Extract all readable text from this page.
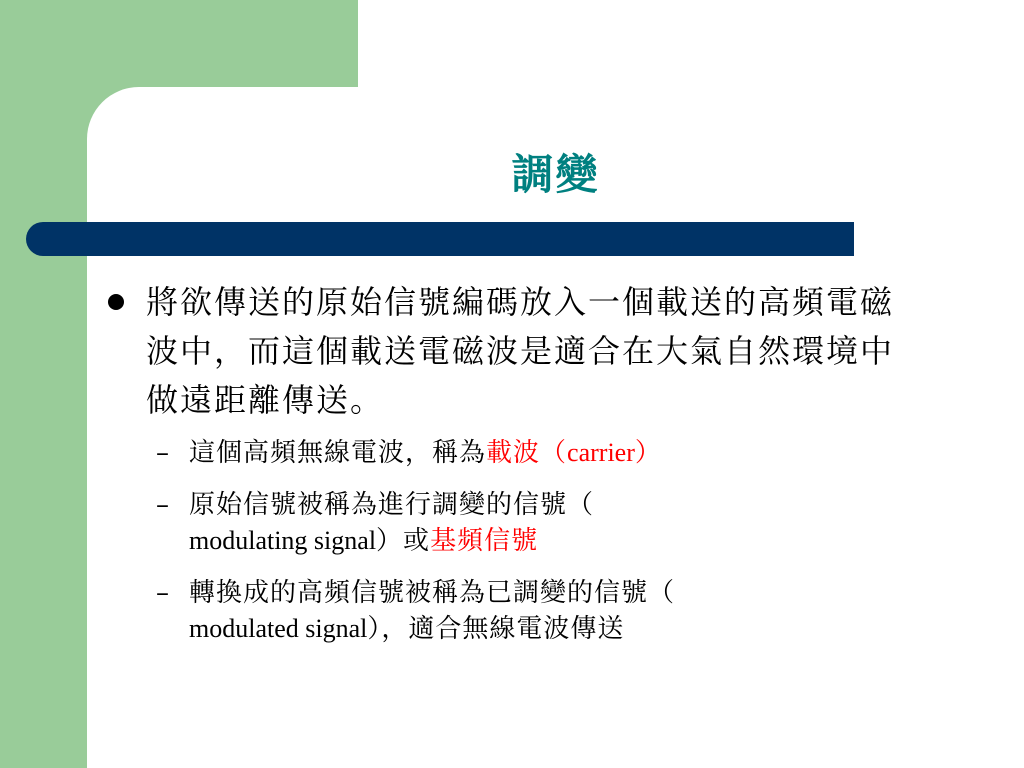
調變
將欲傳送的原始信號編碼放入一個載送的高頻電磁波中，而這個載送電磁波是適合在大氣自然環境中做遠距離傳送。
– 這個高頻無線電波，稱為載波（carrier）
– 原始信號被稱為進行調變的信號（
modulating signal）或基頻信號
– 轉換成的高頻信號被稱為已調變的信號（
modulated signal），適合無線電波傳送
